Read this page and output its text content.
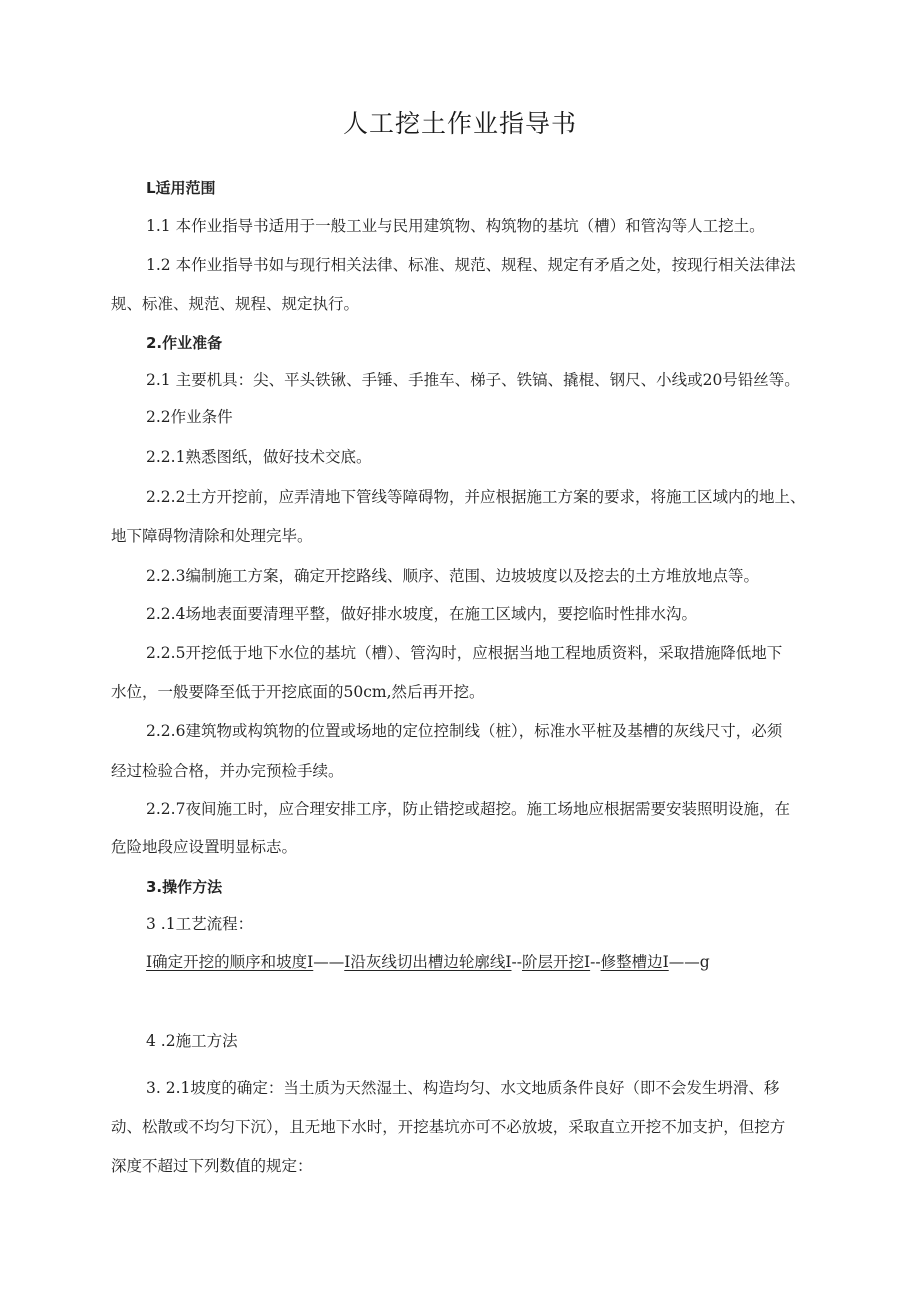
人工挖土作业指导书
L适用范围
1.1 本作业指导书适用于一般工业与民用建筑物、构筑物的基坑（槽）和管沟等人工挖土。
1.2 本作业指导书如与现行相关法律、标准、规范、规程、规定有矛盾之处，按现行相关法律法
规、标准、规范、规程、规定执行。
2.作业准备
2.1 主要机具：尖、平头铁锹、手锤、手推车、梯子、铁镐、撬棍、钢尺、小线或20号铅丝等。
2.2作业条件
2.2.1熟悉图纸，做好技术交底。
2.2.2土方开挖前，应弄清地下管线等障碍物，并应根据施工方案的要求，将施工区域内的地上、
地下障碍物清除和处理完毕。
2.2.3编制施工方案，确定开挖路线、顺序、范围、边坡坡度以及挖去的土方堆放地点等。
2.2.4场地表面要清理平整，做好排水坡度，在施工区域内，要挖临时性排水沟。
2.2.5开挖低于地下水位的基坑（槽）、管沟时，应根据当地工程地质资料，采取措施降低地下
水位，一般要降至低于开挖底面的50cm,然后再开挖。
2.2.6建筑物或构筑物的位置或场地的定位控制线（桩），标准水平桩及基槽的灰线尺寸，必须
经过检验合格，并办完预检手续。
2.2.7夜间施工时，应合理安排工序，防止错挖或超挖。施工场地应根据需要安装照明设施，在
危险地段应设置明显标志。
3.操作方法
3 .1工艺流程：
I确定开挖的顺序和坡度I——I沿灰线切出槽边轮廓线I--阶层开挖I--修整槽边I——g
4 .2施工方法
3. 2.1坡度的确定：当土质为天然湿土、构造均匀、水文地质条件良好（即不会发生坍滑、移
动、松散或不均匀下沉），且无地下水时，开挖基坑亦可不必放坡，采取直立开挖不加支护，但挖方
深度不超过下列数值的规定：
